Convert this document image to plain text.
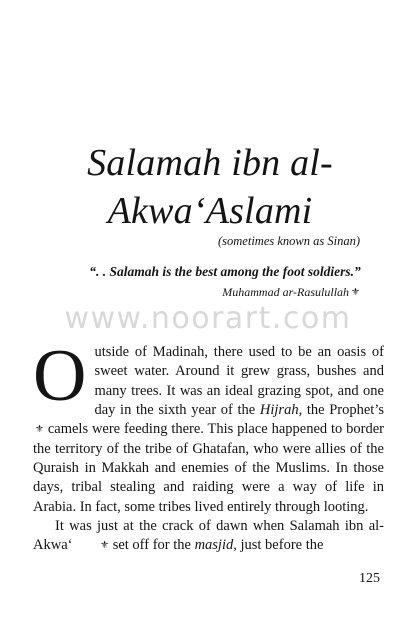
Salamah ibn al-Akwa‘Aslami
(sometimes known as Sinan)
“. . Salamah is the best among the foot soldiers.”
Muhammad ar-Rasulullah ⚜
www.noorart.com

Outside of Madinah, there used to be an oasis of sweet water. Around it grew grass, bushes and many trees. It was an ideal grazing spot, and one day in the sixth year of the Hijrah, the Prophet’s ⚜ camels were feeding there. This place happened to border the territory of the tribe of Ghatafan, who were allies of the Quraish in Makkah and enemies of the Muslims. In those days, tribal stealing and raiding were a way of life in Arabia. In fact, some tribes lived entirely through looting.

It was just at the crack of dawn when Salamah ibn al-Akwa‘ ⚜ set off for the masjid, just before the

125
